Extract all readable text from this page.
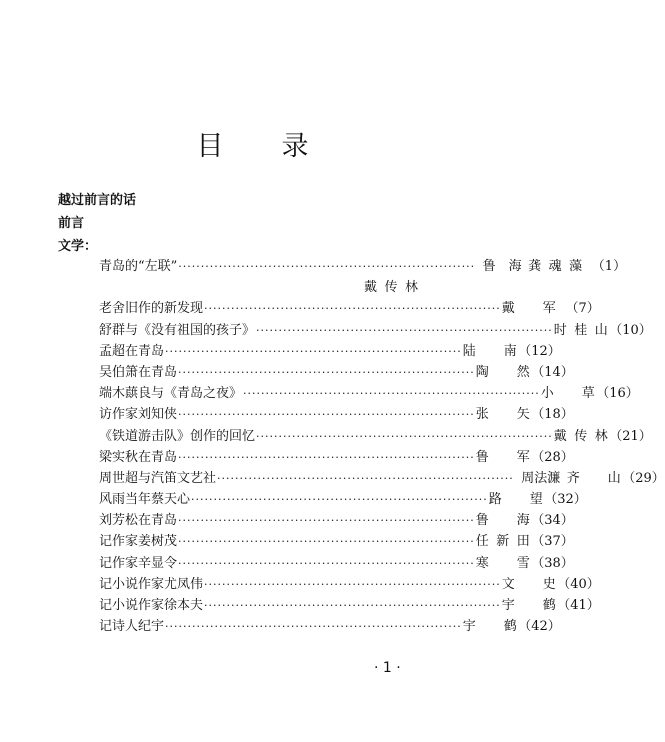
目 录
越过前言的话
前言
文学：
青岛的“左联” ·································································· 鲁　海 龚魂藻 （1）
戴传林
老舍旧作的新发现 ·································································· 戴　军 （7）
舒群与《没有祖国的孩子》 ·································································· 时桂山 （10）
孟超在青岛 ·································································· 陆　南 （12）
吴伯箫在青岛 ·································································· 陶　然 （14）
端木蕻良与《青岛之夜》 ·································································· 小　草 （16）
访作家刘知侠 ·································································· 张　矢 （18）
《铁道游击队》创作的回忆 ·································································· 戴传林 （21）
梁实秋在青岛 ·································································· 鲁　军 （28）
周世超与汽笛文艺社 ·································································· 周法濂 齐　山 （29）
风雨当年蔡天心 ·································································· 路　望 （32）
刘芳松在青岛 ·································································· 鲁　海 （34）
记作家姜树茂 ·································································· 任新田 （37）
记作家辛显令 ·································································· 寒　雪 （38）
记小说作家尤凤伟 ·································································· 文　史 （40）
记小说作家徐本夫 ·································································· 宇　鹤 （41）
记诗人纪宇 ·································································· 宇　鹤 （42）
· 1 ·
